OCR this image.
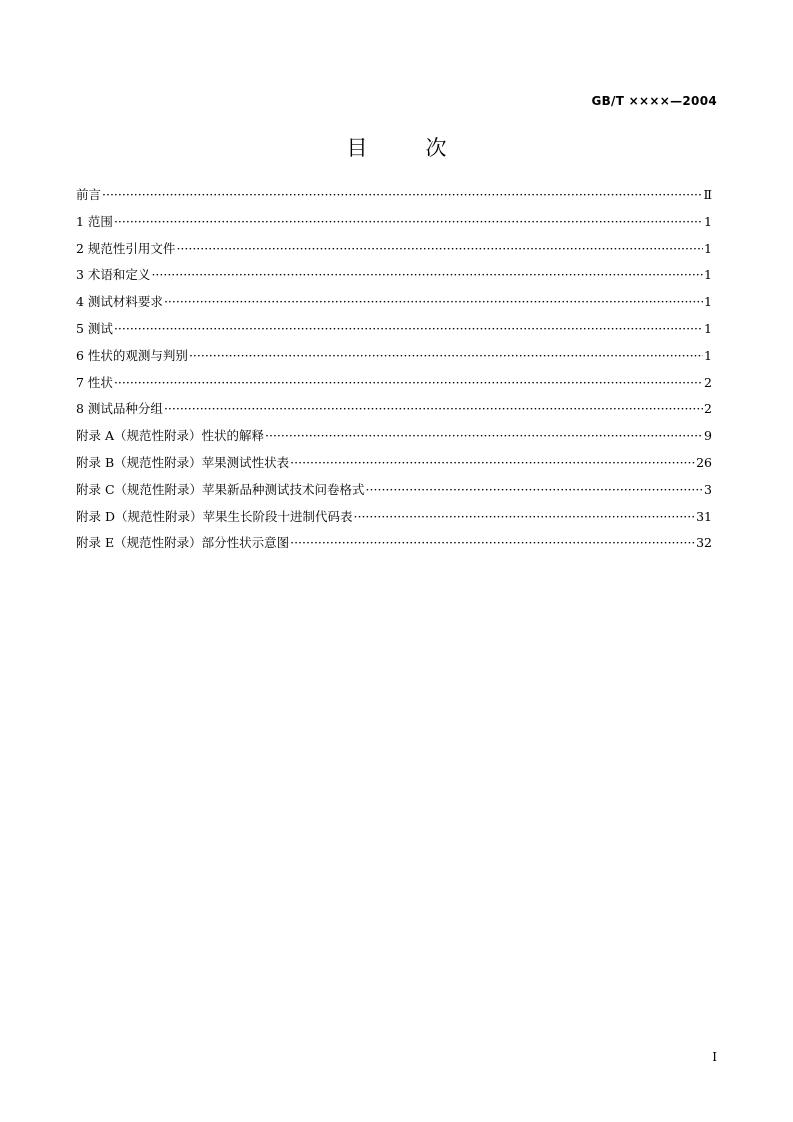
GB/T ××××—2004
目	次
前言 ·····	Ⅱ
1 范围 ·····	1
2 规范性引用文件 ·····	1
3 术语和定义 ·····	1
4 测试材料要求 ·····	1
5 测试 ·····	1
6 性状的观测与判别 ·····	1
7 性状 ·····	2
8 测试品种分组 ·····	2
附录 A（规范性附录）性状的解释 ·····	9
附录 B（规范性附录）苹果测试性状表 ·····	26
附录 C（规范性附录）苹果新品种测试技术问卷格式 ·····	3
附录 D（规范性附录）苹果生长阶段十进制代码表 ·····	31
附录 E（规范性附录）部分性状示意图 ·····	32
I
